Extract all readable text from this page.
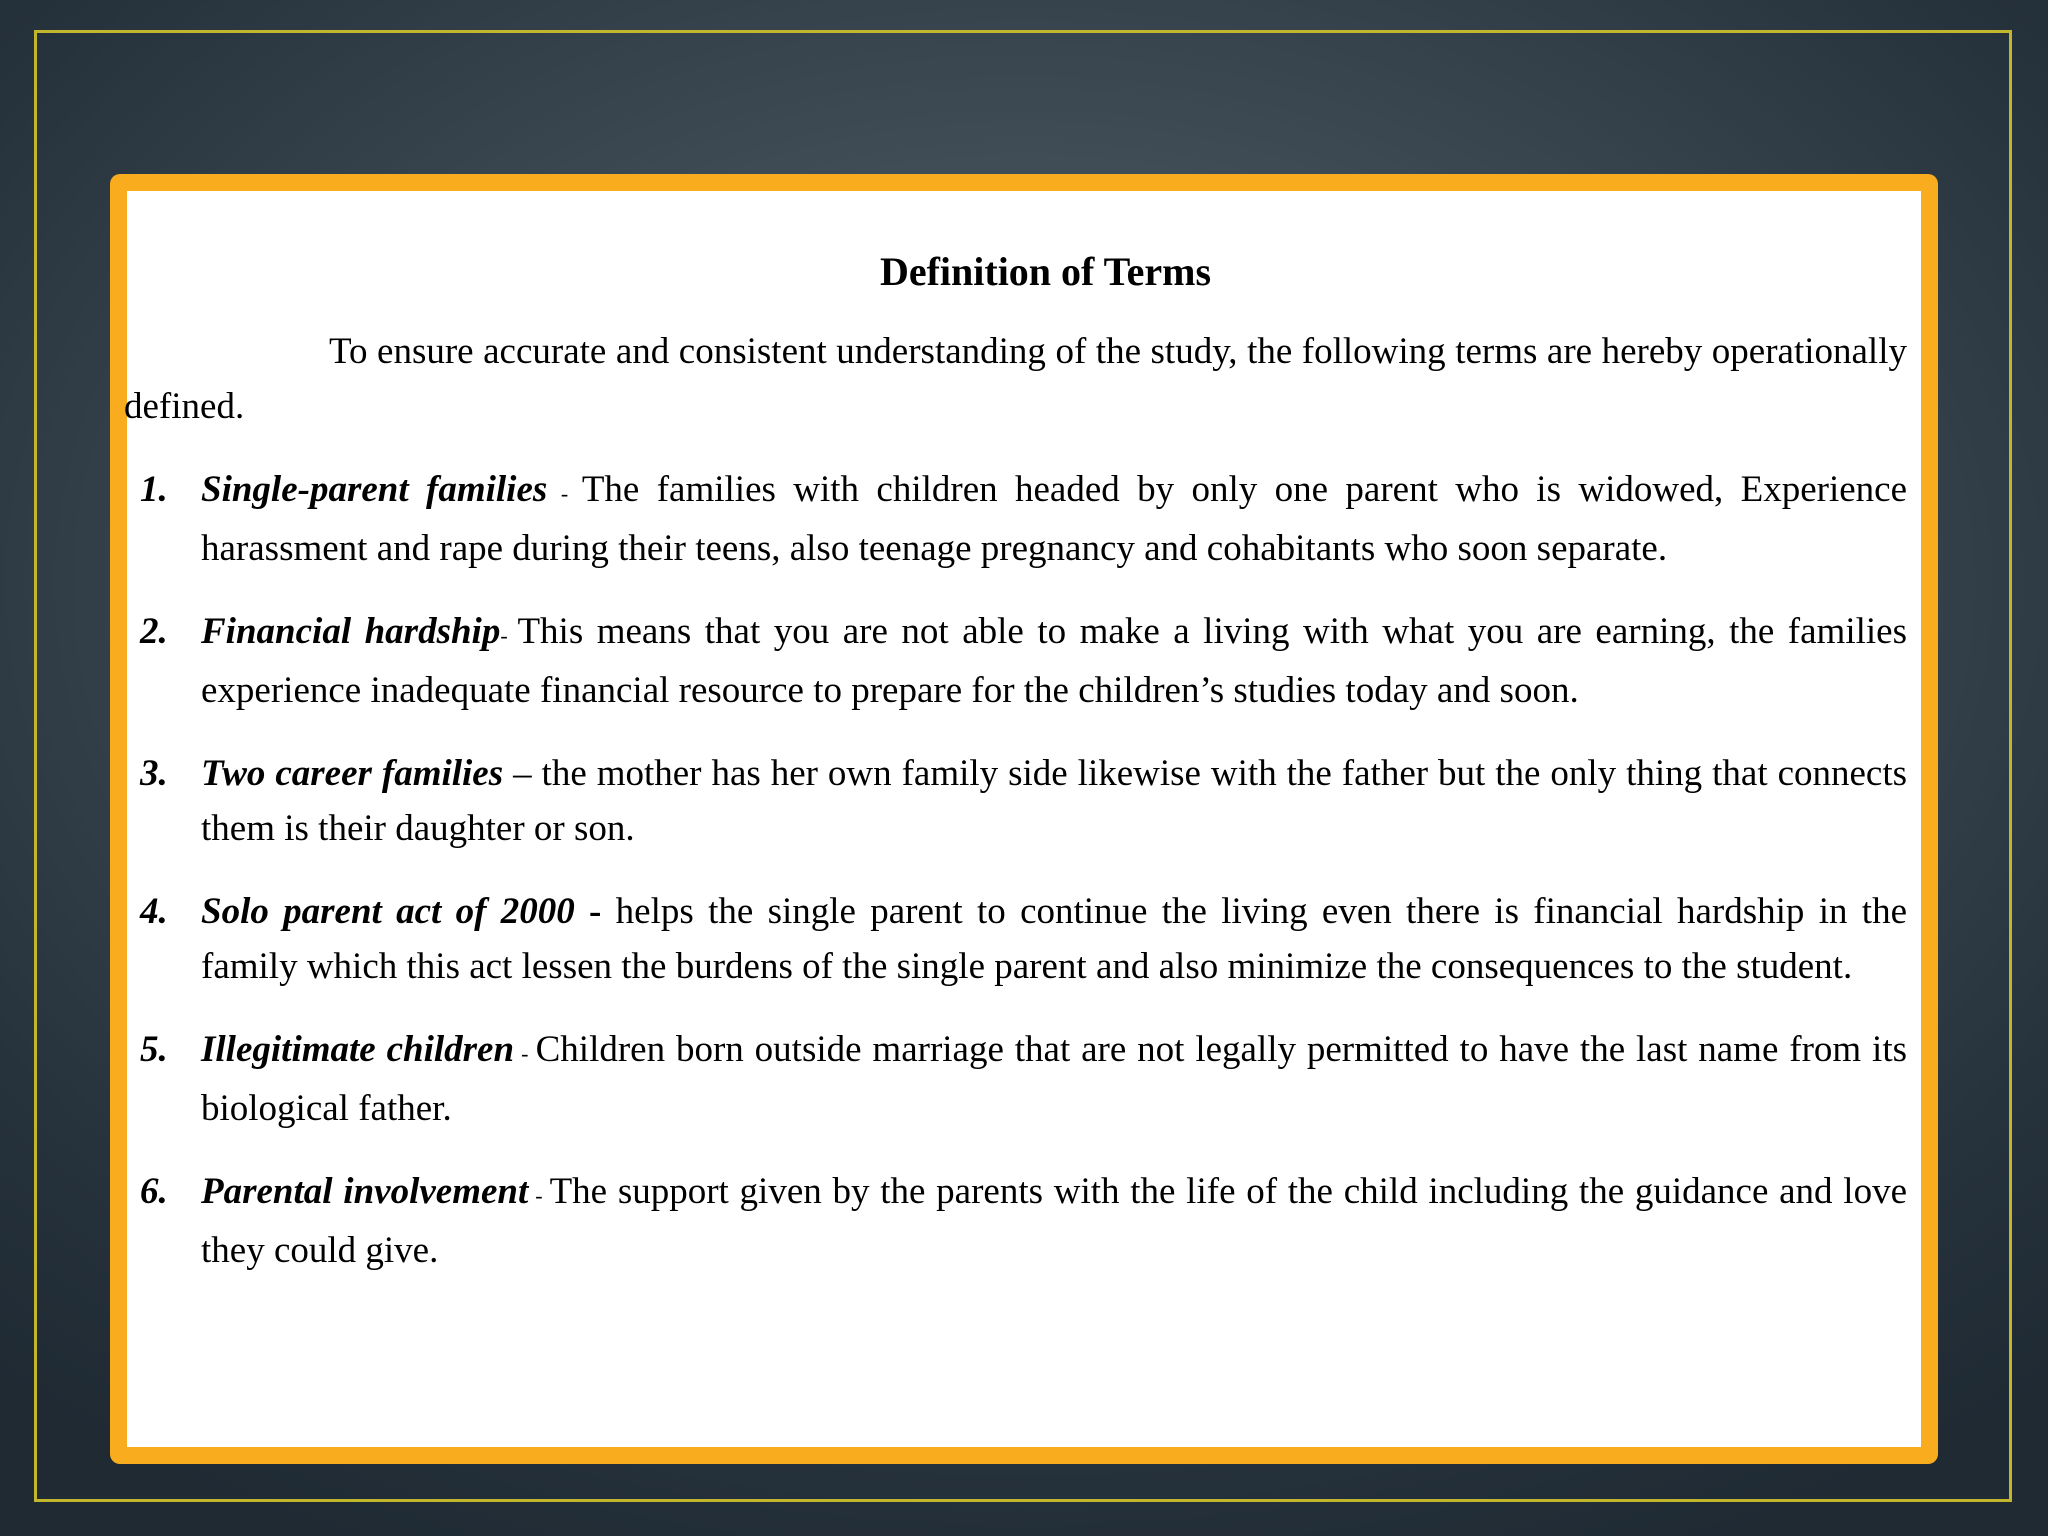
Definition of Terms

To ensure accurate and consistent understanding of the study, the following terms are hereby operationally defined.

1. Single-parent families - The families with children headed by only one parent who is widowed, Experience harassment and rape during their teens, also teenage pregnancy and cohabitants who soon separate.
2. Financial hardship- This means that you are not able to make a living with what you are earning, the families experience inadequate financial resource to prepare for the children’s studies today and soon.
3. Two career families – the mother has her own family side likewise with the father but the only thing that connects them is their daughter or son.
4. Solo parent act of 2000 - helps the single parent to continue the living even there is financial hardship in the family which this act lessen the burdens of the single parent and also minimize the consequences to the student.
5. Illegitimate children - Children born outside marriage that are not legally permitted to have the last name from its biological father.
6. Parental involvement - The support given by the parents with the life of the child including the guidance and love they could give.
